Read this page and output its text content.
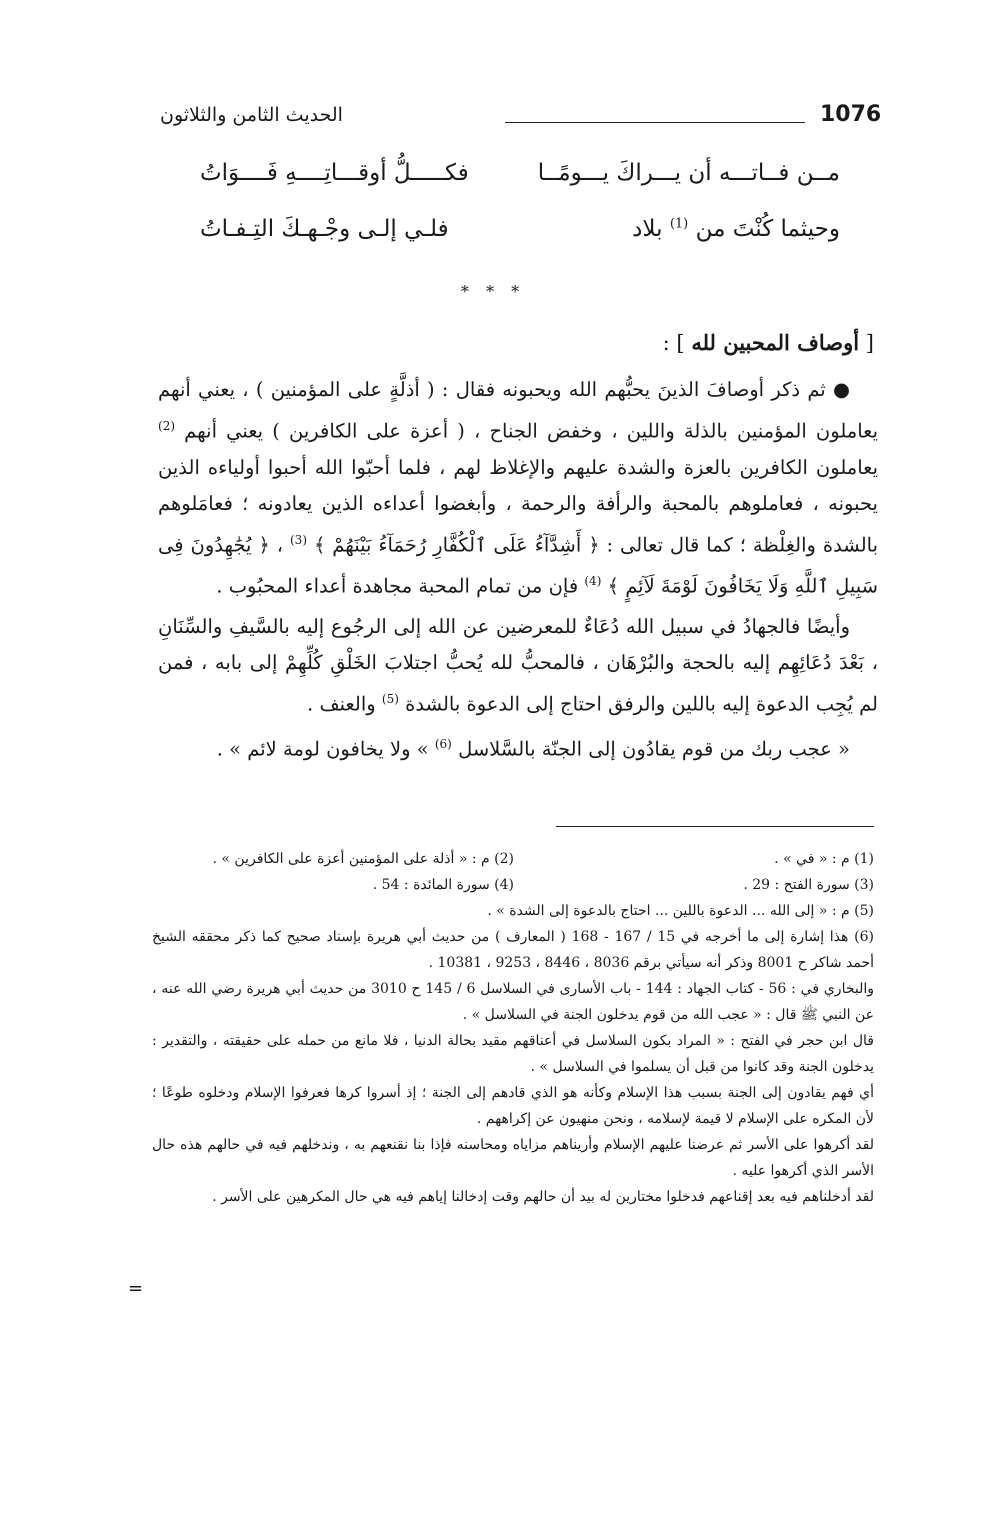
1076
الحديث الثامن والثلاثون
مــن فــاتـــه أن يـــراكَ يـــومًــا
فكـــــلُّ أوقـــاتِــــهِ فَــــوَاتُ
وحيثما كُنْتَ من $^{(1)}$ بلاد
فلـي إلـى وجْـهـكَ التِـفـاتُ
* * *
[ أوصاف المحبين لله ] :

● ثم ذكر أوصافَ الذينَ يحبُّهم الله ويحبونه فقال : ( أذلَّةٍ على المؤمنين ) ، يعني أنهم يعاملون المؤمنين بالذلة واللين ، وخفض الجناح ، ( أعزة على الكافرين ) يعني أنهم $^{(2)}$ يعاملون الكافرين بالعزة والشدة عليهم والإغلاظ لهم ، فلما أحبّوا الله أحبوا أولياءه الذين يحبونه ، فعاملوهم بالمحبة والرأفة والرحمة ، وأبغضوا أعداءه الذين يعادونه ؛ فعامَلوهم بالشدة والغِلْظة ؛ كما قال تعالى : ﴿ أَشِدَّآءُ عَلَى ٱلْكُفَّارِ رُحَمَآءُ بَيْنَهُمْ ﴾ $^{(3)}$ ، ﴿ يُجَٰهِدُونَ فِى سَبِيلِ ٱللَّهِ وَلَا يَخَافُونَ لَوْمَةَ لَآئِمٍ ﴾ $^{(4)}$ فإن من تمام المحبة مجاهدة أعداء المحبُوب .

وأيضًا فالجهادُ في سبيل الله دُعَاءٌ للمعرضين عن الله إلى الرجُوع إليه بالسَّيفِ والسِّنَانِ ، بَعْدَ دُعَائِهِم إليه بالحجة والبُرْهَان ، فالمحبُّ لله يُحبُّ اجتلابَ الخَلْقِ كُلِّهِمْ إلى بابه ، فمن لم يُجِب الدعوة إليه باللين والرفق احتاج إلى الدعوة بالشدة $^{(5)}$ والعنف .

« عجب ربك من قوم يقادُون إلى الجنّة بالسَّلاسل $^{(6)}$ » ولا يخافون لومة لائم » .

(1) م : « في » .
(2) م : « أذلة على المؤمنين أعزة على الكافرين » .
(3) سورة الفتح : 29 .
(4) سورة المائدة : 54 .

(5) م : « إلى الله ... الدعوة باللين ... احتاج بالدعوة إلى الشدة » .

(6) هذا إشارة إلى ما أخرجه في 15 / 167 - 168 ( المعارف ) من حديث أبي هريرة بإسناد صحيح كما ذكر محققه الشيخ أحمد شاكر ح 8001 وذكر أنه سيأتي برقم 8036 ، 8446 ، 9253 ، 10381 .

والبخاري في : 56 - كتاب الجهاد : 144 - باب الأسارى في السلاسل 6 / 145 ح 3010 من حديث أبي هريرة رضي الله عنه ، عن النبي ﷺ قال : « عجب الله من قوم يدخلون الجنة في السلاسل » .

قال ابن حجر في الفتح : « المراد بكون السلاسل في أعناقهم مقيد بحالة الدنيا ، فلا مانع من حمله على حقيقته ، والتقدير : يدخلون الجنة وقد كانوا من قبل أن يسلموا في السلاسل » .

أي فهم يقادون إلى الجنة بسبب هذا الإسلام وكأنه هو الذي قادهم إلى الجنة ؛ إذ أسروا كرها فعرفوا الإسلام ودخلوه طوعًا ؛ لأن المكره على الإسلام لا قيمة لإسلامه ، ونحن منهيون عن إكراههم .

لقد أكرهوا على الأسر ثم عرضنا عليهم الإسلام وأريناهم مزاياه ومحاسنه فإذا بنا نقنعهم به ، وندخلهم فيه في حالهم هذه حال الأسر الذي أكرهوا عليه .

لقد أدخلناهم فيه بعد إقناعهم فدخلوا مختارين له بيد أن حالهم وقت إدخالنا إياهم فيه هي حال المكرهين على الأسر .

=
